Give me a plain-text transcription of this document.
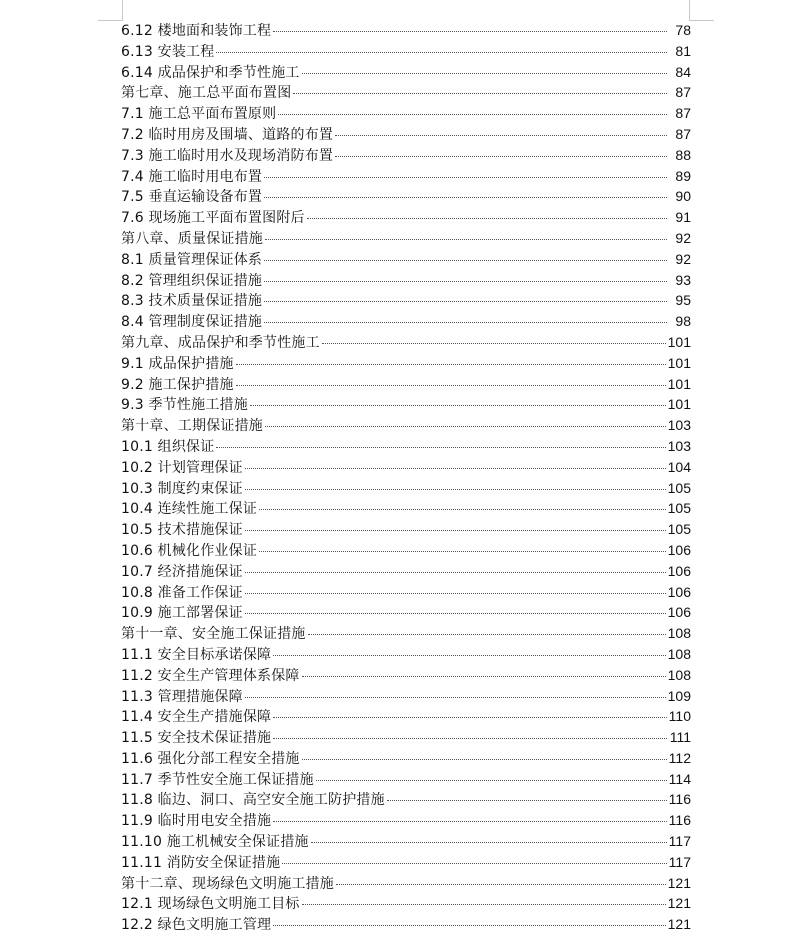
6.12 楼地面和装饰工程	78
6.13 安装工程	81
6.14 成品保护和季节性施工	84
第七章、施工总平面布置图	87
7.1 施工总平面布置原则	87
7.2 临时用房及围墙、道路的布置	87
7.3 施工临时用水及现场消防布置	88
7.4 施工临时用电布置	89
7.5 垂直运输设备布置	90
7.6 现场施工平面布置图附后	91
第八章、质量保证措施	92
8.1 质量管理保证体系	92
8.2 管理组织保证措施	93
8.3 技术质量保证措施	95
8.4 管理制度保证措施	98
第九章、成品保护和季节性施工	101
9.1 成品保护措施	101
9.2 施工保护措施	101
9.3 季节性施工措施	101
第十章、工期保证措施	103
10.1 组织保证	103
10.2 计划管理保证	104
10.3 制度约束保证	105
10.4 连续性施工保证	105
10.5 技术措施保证	105
10.6 机械化作业保证	106
10.7 经济措施保证	106
10.8 准备工作保证	106
10.9 施工部署保证	106
第十一章、安全施工保证措施	108
11.1 安全目标承诺保障	108
11.2 安全生产管理体系保障	108
11.3 管理措施保障	109
11.4 安全生产措施保障	110
11.5 安全技术保证措施	111
11.6 强化分部工程安全措施	112
11.7 季节性安全施工保证措施	114
11.8 临边、洞口、高空安全施工防护措施	116
11.9 临时用电安全措施	116
11.10 施工机械安全保证措施	117
11.11 消防安全保证措施	117
第十二章、现场绿色文明施工措施	121
12.1 现场绿色文明施工目标	121
12.2 绿色文明施工管理	121
